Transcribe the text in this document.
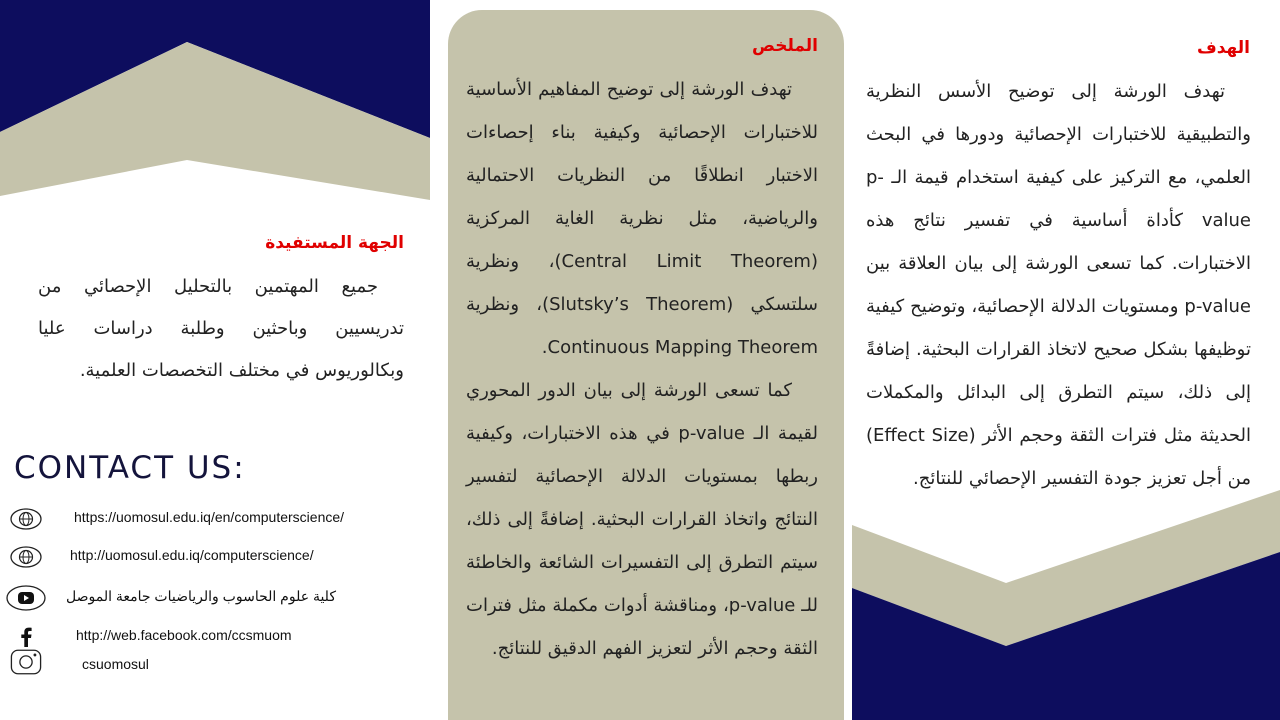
الهدف

تهدف الورشة إلى توضيح الأسس النظرية والتطبيقية للاختبارات الإحصائية ودورها في البحث العلمي، مع التركيز على كيفية استخدام قيمة الـ p-value كأداة أساسية في تفسير نتائج هذه الاختبارات. كما تسعى الورشة إلى بيان العلاقة بين p-value ومستويات الدلالة الإحصائية، وتوضيح كيفية توظيفها بشكل صحيح لاتخاذ القرارات البحثية. إضافةً إلى ذلك، سيتم التطرق إلى البدائل والمكملات الحديثة مثل فترات الثقة وحجم الأثر (Effect Size) من أجل تعزيز جودة التفسير الإحصائي للنتائج.

الملخص

تهدف الورشة إلى توضيح المفاهيم الأساسية للاختبارات الإحصائية وكيفية بناء إحصاءات الاختبار انطلاقًا من النظريات الاحتمالية والرياضية، مثل نظرية الغاية المركزية (Central Limit Theorem)، ونظرية سلتسكي (Slutsky’s Theorem)، ونظرية Continuous Mapping Theorem.

كما تسعى الورشة إلى بيان الدور المحوري لقيمة الـ p-value في هذه الاختبارات، وكيفية ربطها بمستويات الدلالة الإحصائية لتفسير النتائج واتخاذ القرارات البحثية. إضافةً إلى ذلك، سيتم التطرق إلى التفسيرات الشائعة والخاطئة للـ p-value، ومناقشة أدوات مكملة مثل فترات الثقة وحجم الأثر لتعزيز الفهم الدقيق للنتائج.

الجهة المستفيدة

جميع المهتمين بالتحليل الإحصائي من تدريسيين وباحثين وطلبة دراسات عليا وبكالوريوس في مختلف التخصصات العلمية.

CONTACT US:
https://uomosul.edu.iq/en/computerscience/
http://uomosul.edu.iq/computerscience/
كلية علوم الحاسوب والرياضيات جامعة الموصل
http://web.facebook.com/ccsmuom
csuomosul
